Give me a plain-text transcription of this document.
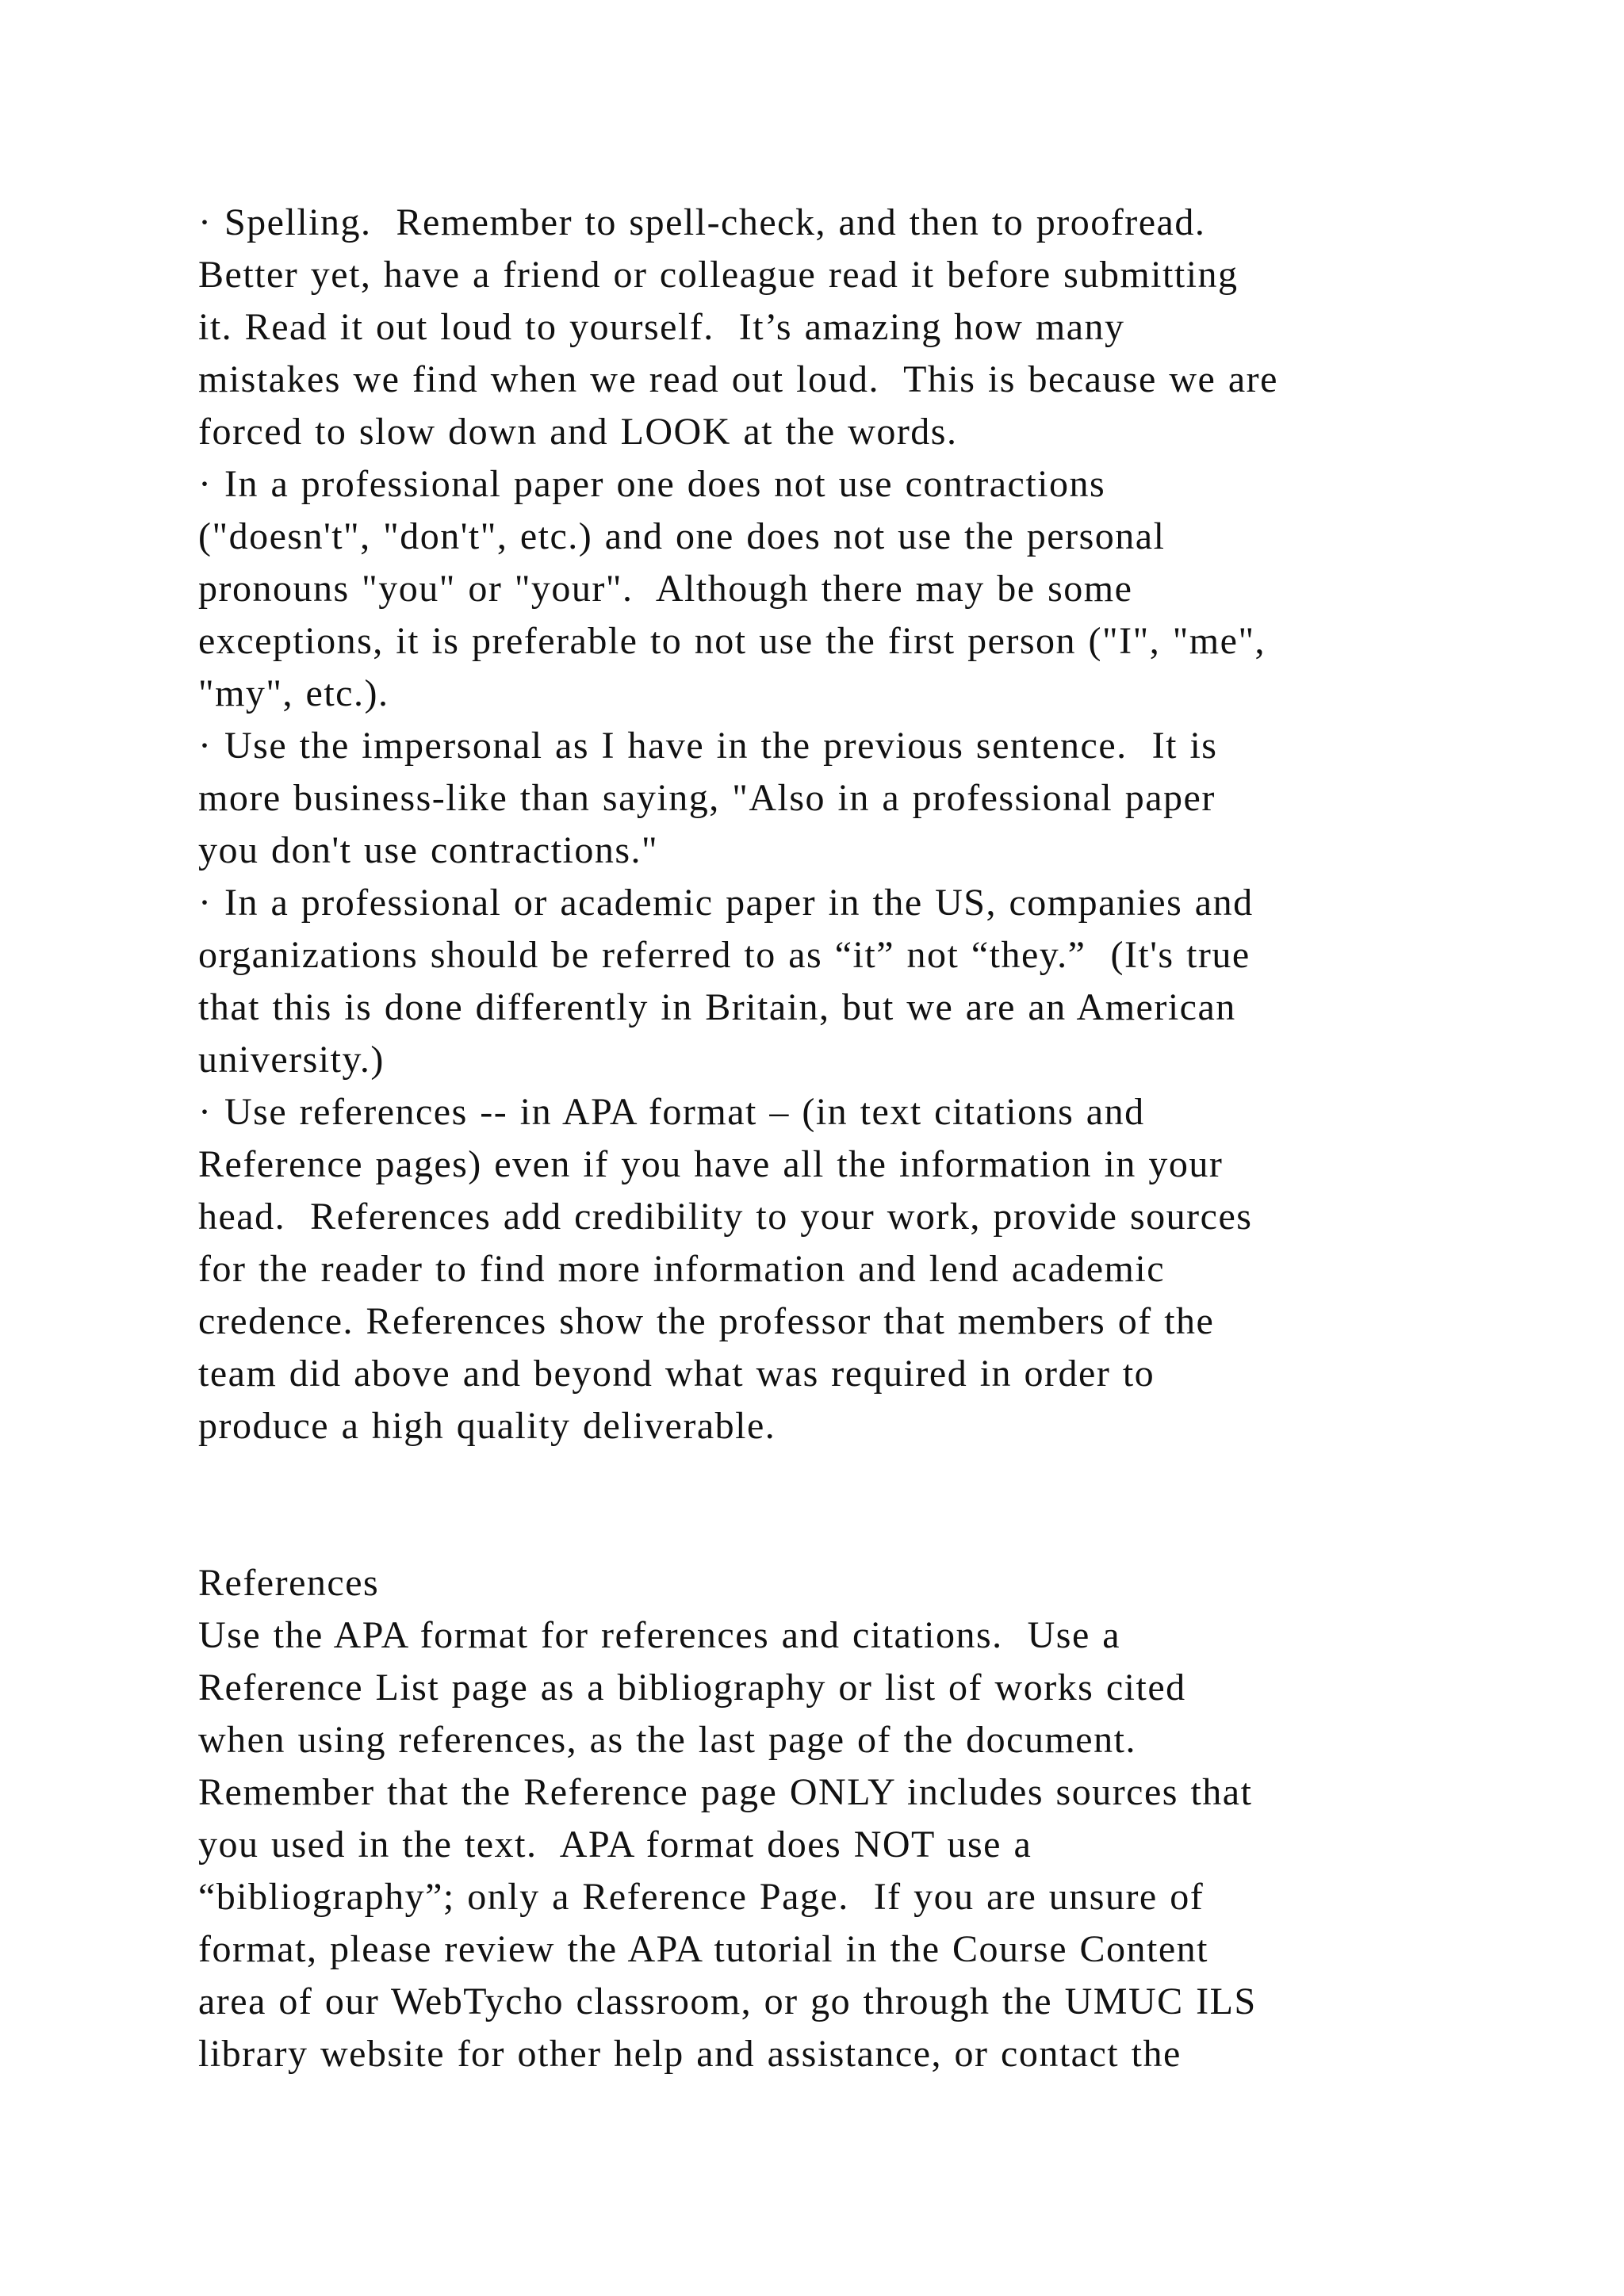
· Spelling.  Remember to spell-check, and then to proofread.
Better yet, have a friend or colleague read it before submitting
it. Read it out loud to yourself.  It’s amazing how many
mistakes we find when we read out loud.  This is because we are
forced to slow down and LOOK at the words.
· In a professional paper one does not use contractions
("doesn't", "don't", etc.) and one does not use the personal
pronouns "you" or "your".  Although there may be some
exceptions, it is preferable to not use the first person ("I", "me",
"my", etc.).
· Use the impersonal as I have in the previous sentence.  It is
more business-like than saying, "Also in a professional paper
you don't use contractions."
· In a professional or academic paper in the US, companies and
organizations should be referred to as “it” not “they.”  (It's true
that this is done differently in Britain, but we are an American
university.)
· Use references -- in APA format – (in text citations and
Reference pages) even if you have all the information in your
head.  References add credibility to your work, provide sources
for the reader to find more information and lend academic
credence. References show the professor that members of the
team did above and beyond what was required in order to
produce a high quality deliverable.
References
Use the APA format for references and citations.  Use a
Reference List page as a bibliography or list of works cited
when using references, as the last page of the document.
Remember that the Reference page ONLY includes sources that
you used in the text.  APA format does NOT use a
“bibliography”; only a Reference Page.  If you are unsure of
format, please review the APA tutorial in the Course Content
area of our WebTycho classroom, or go through the UMUC ILS
library website for other help and assistance, or contact the
